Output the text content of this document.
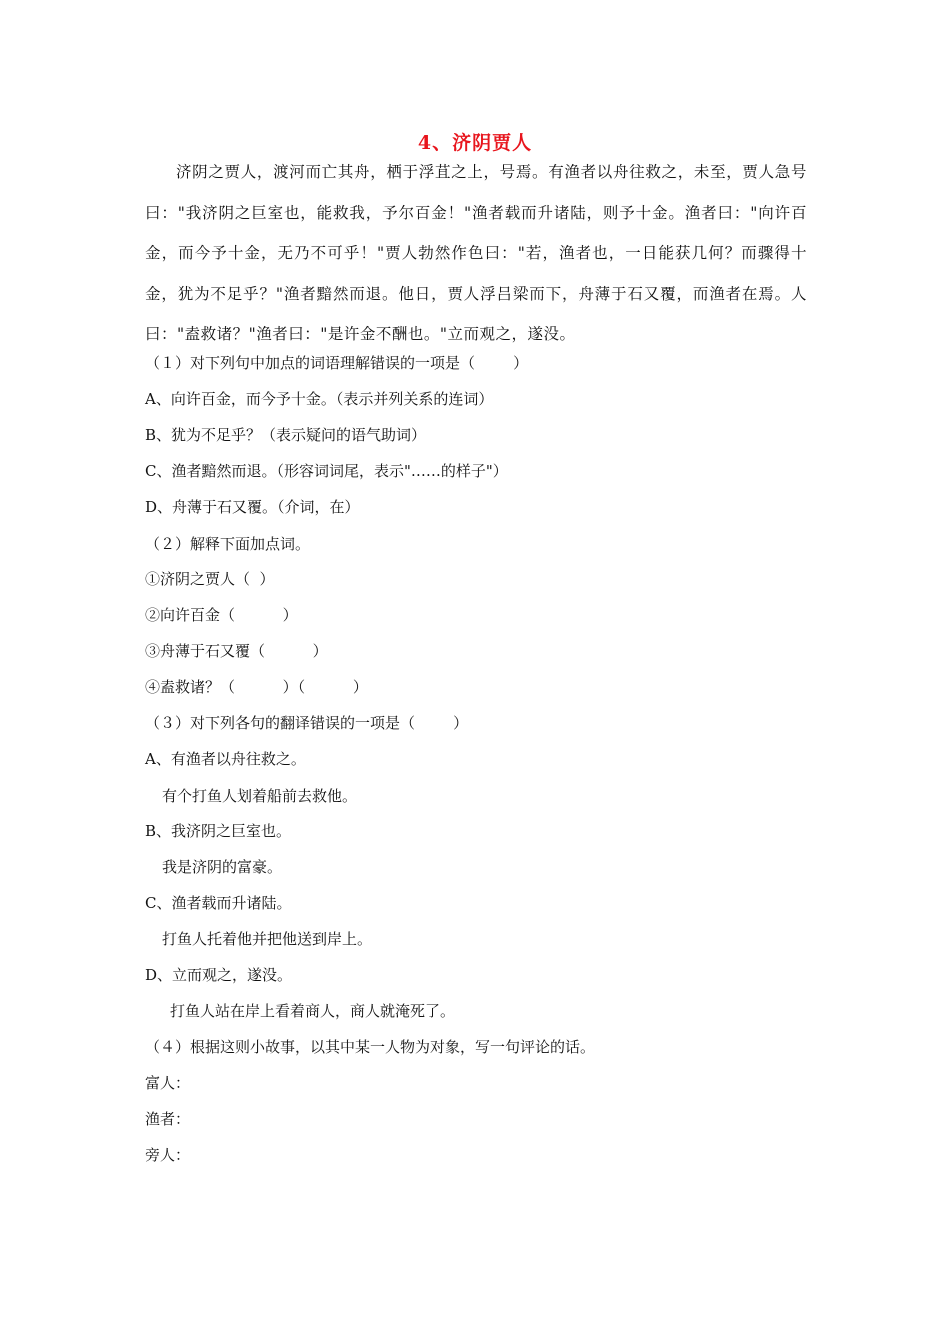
4、济阴贾人

济阴之贾人，渡河而亡其舟，栖于浮苴之上，号焉。有渔者以舟往救之，未至，贾人急号曰："我济阴之巨室也，能救我，予尔百金！"渔者载而升诸陆，则予十金。渔者曰："向许百金，而今予十金，无乃不可乎！"贾人勃然作色曰："若，渔者也，一日能获几何？而骤得十金，犹为不足乎？"渔者黯然而退。他日，贾人浮吕梁而下，舟薄于石又覆，而渔者在焉。人曰："盍救诸？"渔者曰："是许金不酬也。"立而观之，遂没。

（１）对下列句中加点的词语理解错误的一项是（        ）
A、向许百金，而今予十金。（表示并列关系的连词）
B、犹为不足乎？（表示疑问的语气助词）
C、渔者黯然而退。（形容词词尾，表示"……的样子"）
D、舟薄于石又覆。（介词，在）
（２）解释下面加点词。
①济阴之贾人（  ）
②向许百金（          ）
③舟薄于石又覆（          ）
④盍救诸？（          ）（          ）
（３）对下列各句的翻译错误的一项是（        ）
A、有渔者以舟往救之。
有个打鱼人划着船前去救他。
B、我济阴之巨室也。
我是济阴的富豪。
C、渔者载而升诸陆。
打鱼人托着他并把他送到岸上。
D、立而观之，遂没。
打鱼人站在岸上看着商人，商人就淹死了。
（４）根据这则小故事，以其中某一人物为对象，写一句评论的话。
富人：
渔者：
旁人：
